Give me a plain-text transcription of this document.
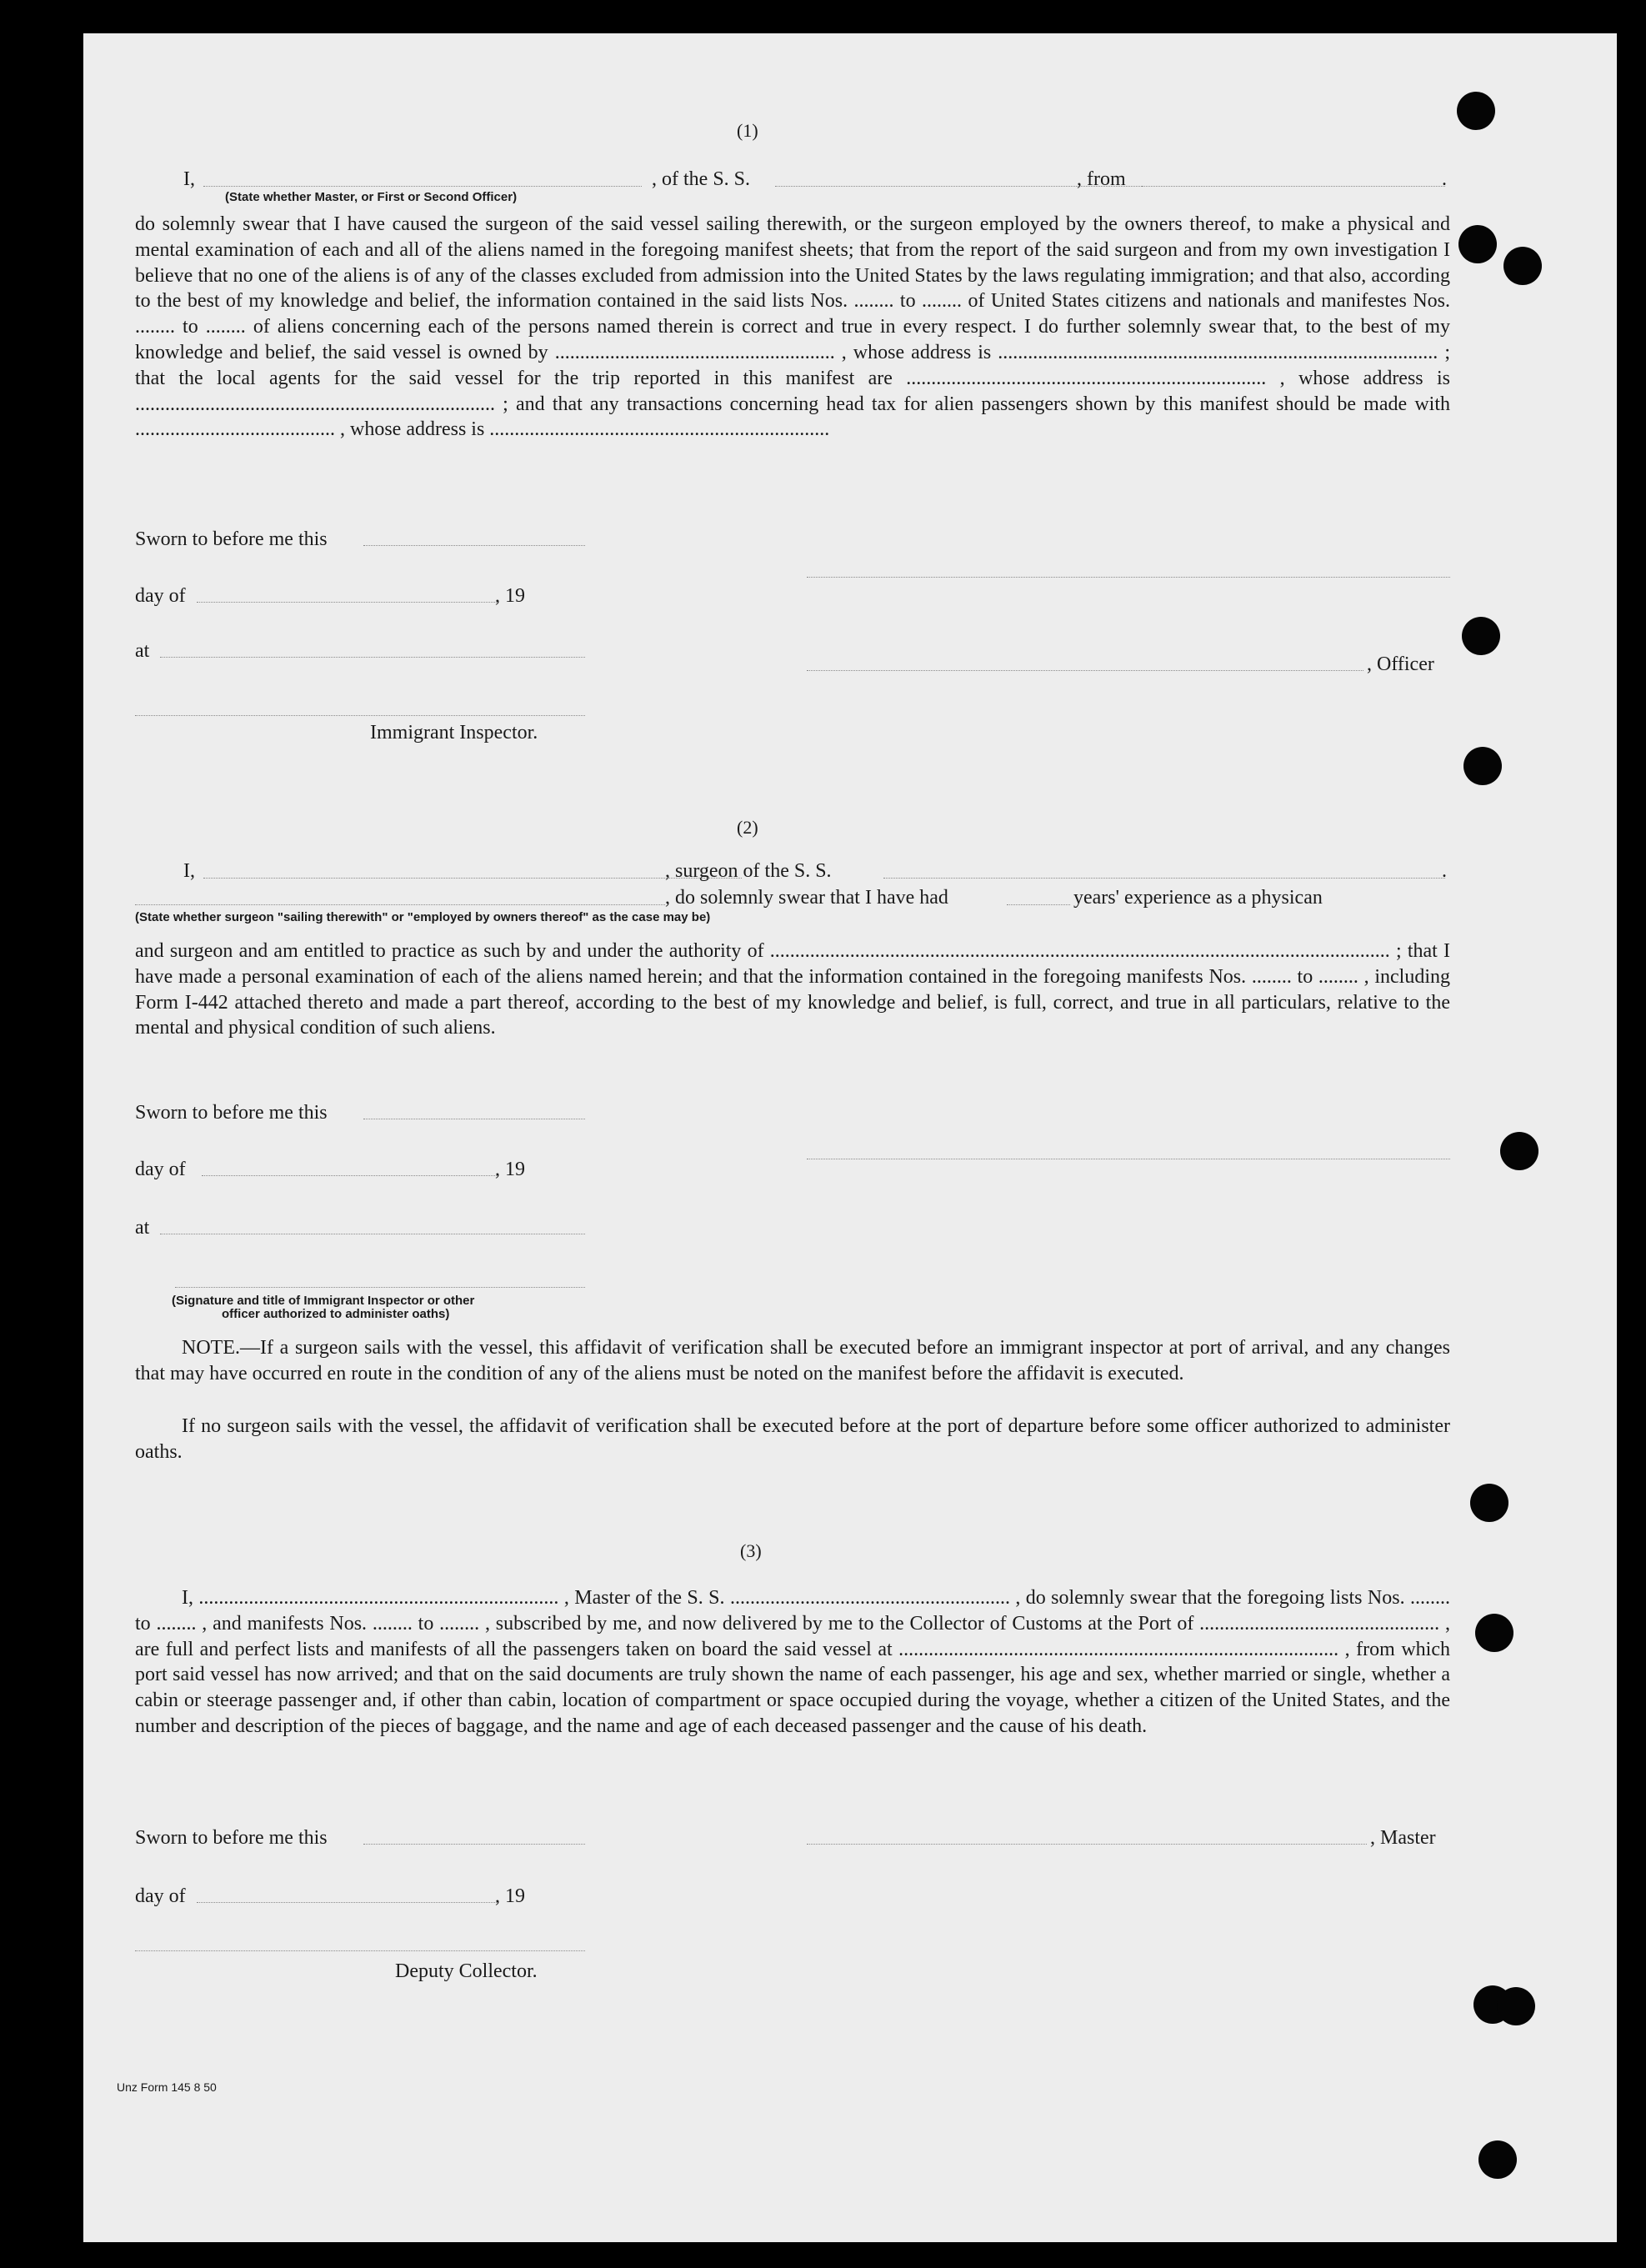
(1)
I,
(State whether Master, or First or Second Officer)
, of the S. S.	, from	.
do solemnly swear that I have caused the surgeon of the said vessel sailing therewith, or the surgeon employed by the owners thereof, to make a physical and mental examination of each and all of the aliens named in the foregoing manifest sheets; that from the report of the said surgeon and from my own investigation I believe that no one of the aliens is of any of the classes excluded from admission into the United States by the laws regulating immigration; and that also, according to the best of my knowledge and belief, the information contained in the said lists Nos. ........ to ........ of United States citizens and nationals and manifestes Nos. ........ to ........ of aliens concerning each of the persons named therein is correct and true in every respect. I do further solemnly swear that, to the best of my knowledge and belief, the said vessel is owned by ........................................................ , whose address is ........................................................................................ ; that the local agents for the said vessel for the trip reported in this manifest are ........................................................................ , whose address is ........................................................................ ; and that any transactions concerning head tax for alien passengers shown by this manifest should be made with ........................................ , whose address is ....................................................................
Sworn to before me this
day of	, 19
at
, Officer
Immigrant Inspector.
(2)
I,	, surgeon of the S. S.	.
, do solemnly swear that I have had	years' experience as a physican
(State whether surgeon "sailing therewith" or "employed by owners thereof" as the case may be)
and surgeon and am entitled to practice as such by and under the authority of ............................................................................................................................ ; that I have made a personal examination of each of the aliens named herein; and that the information contained in the foregoing manifests Nos. ........ to ........ , including Form I-442 attached thereto and made a part thereof, according to the best of my knowledge and belief, is full, correct, and true in all particulars, relative to the mental and physical condition of such aliens.
Sworn to before me this
day of	, 19
at
(Signature and title of Immigrant Inspector or other
officer authorized to administer oaths)
NOTE.—If a surgeon sails with the vessel, this affidavit of verification shall be executed before an immigrant inspector at port of arrival, and any changes that may have occurred en route in the condition of any of the aliens must be noted on the manifest before the affidavit is executed.
If no surgeon sails with the vessel, the affidavit of verification shall be executed before at the port of departure before some officer authorized to administer oaths.
(3)
I, ........................................................................ , Master of the S. S. ........................................................ , do solemnly swear that the foregoing lists Nos. ........ to ........ , and manifests Nos. ........ to ........ , subscribed by me, and now delivered by me to the Collector of Customs at the Port of ................................................ , are full and perfect lists and manifests of all the passengers taken on board the said vessel at ........................................................................................ , from which port said vessel has now arrived; and that on the said documents are truly shown the name of each passenger, his age and sex, whether married or single, whether a cabin or steerage passenger and, if other than cabin, location of compartment or space occupied during the voyage, whether a citizen of the United States, and the number and description of the pieces of baggage, and the name and age of each deceased passenger and the cause of his death.
Sworn to before me this	, Master
day of	, 19
Deputy Collector.
Unz Form 145 8 50
